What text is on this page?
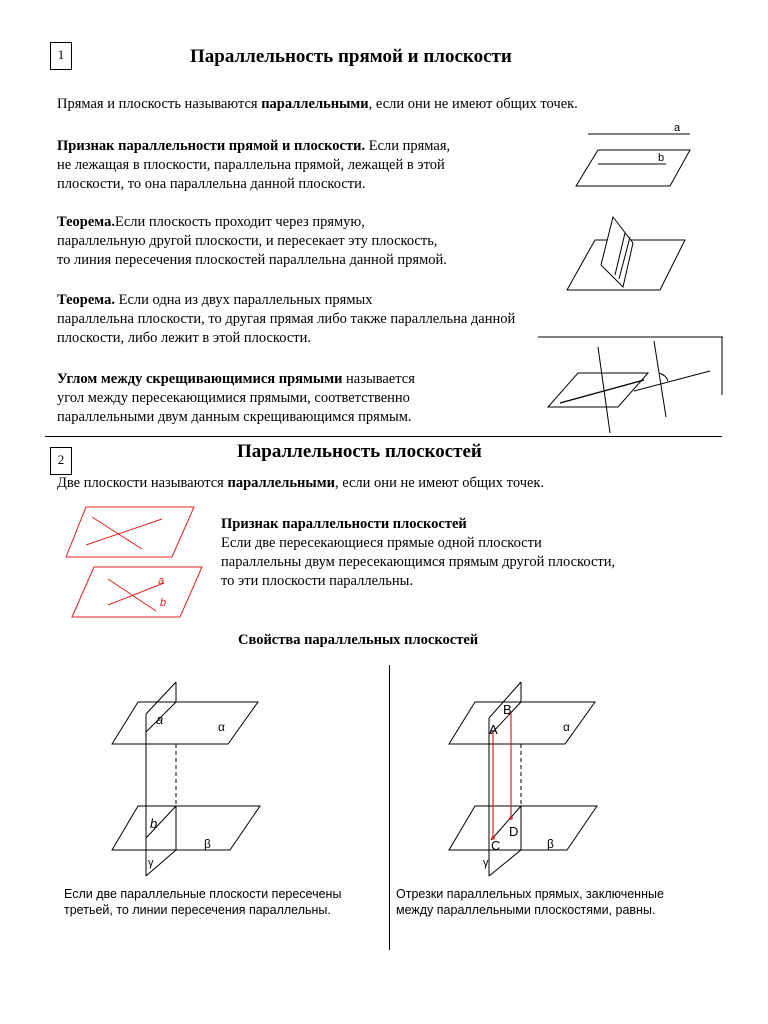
1	Параллельность прямой и плоскости

Прямая и плоскость называются параллельными, если они не имеют общих точек.

Признак параллельности прямой и плоскости. Если прямая,
не лежащая в плоскости, параллельна прямой, лежащей в этой
плоскости, то она параллельна данной плоскости.
Теорема.Если плоскость проходит через прямую,
параллельную другой плоскости, и пересекает эту плоскость,
то линия пересечения плоскостей параллельна данной прямой.
Теорема. Если одна из двух параллельных прямых
параллельна плоскости, то другая прямая либо также параллельна данной
плоскости, либо лежит в этой плоскости.
Углом между скрещивающимися прямыми называется
угол между пересекающимися прямыми, соответственно
параллельными двум данным скрещивающимся прямым.
a
b
2	Параллельность плоскостей

Две плоскости называются параллельными, если они не имеют общих точек.

a
b
Признак параллельности плоскостей
Если две пересекающиеся прямые одной плоскости
параллельны двум пересекающимся прямым другой плоскости,
то эти плоскости параллельны.
Свойства параллельных плоскостей
a	α
b
β
γ
A
B
C
D
α
β
γ
Если две параллельные плоскости пересечены
третьей, то линии пересечения параллельны.
Отрезки параллельных прямых, заключенные
между параллельными плоскостями, равны.
